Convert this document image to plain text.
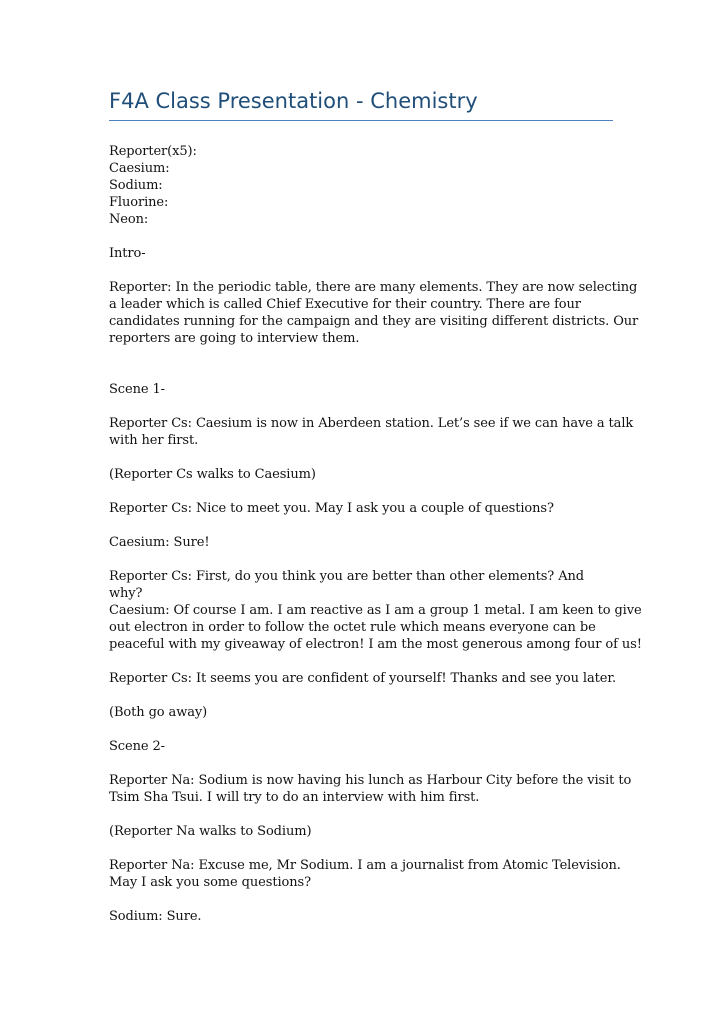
F4A Class Presentation - Chemistry

Reporter(x5):
Caesium:
Sodium:
Fluorine:
Neon:

Intro-

Reporter: In the periodic table, there are many elements. They are now selecting
a leader which is called Chief Executive for their country. There are four
candidates running for the campaign and they are visiting different districts. Our
reporters are going to interview them.

Scene 1-

Reporter Cs: Caesium is now in Aberdeen station. Let’s see if we can have a talk
with her first.

(Reporter Cs walks to Caesium)

Reporter Cs: Nice to meet you. May I ask you a couple of questions?

Caesium: Sure!

Reporter Cs: First, do you think you are better than other elements? And why?

Caesium: Of course I am. I am reactive as I am a group 1 metal. I am keen to give
out electron in order to follow the octet rule which means everyone can be
peaceful with my giveaway of electron! I am the most generous among four of us!

Reporter Cs: It seems you are confident of yourself! Thanks and see you later.

(Both go away)

Scene 2-

Reporter Na: Sodium is now having his lunch as Harbour City before the visit to
Tsim Sha Tsui. I will try to do an interview with him first.

(Reporter Na walks to Sodium)

Reporter Na: Excuse me, Mr Sodium. I am a journalist from Atomic Television.
May I ask you some questions?

Sodium: Sure.
